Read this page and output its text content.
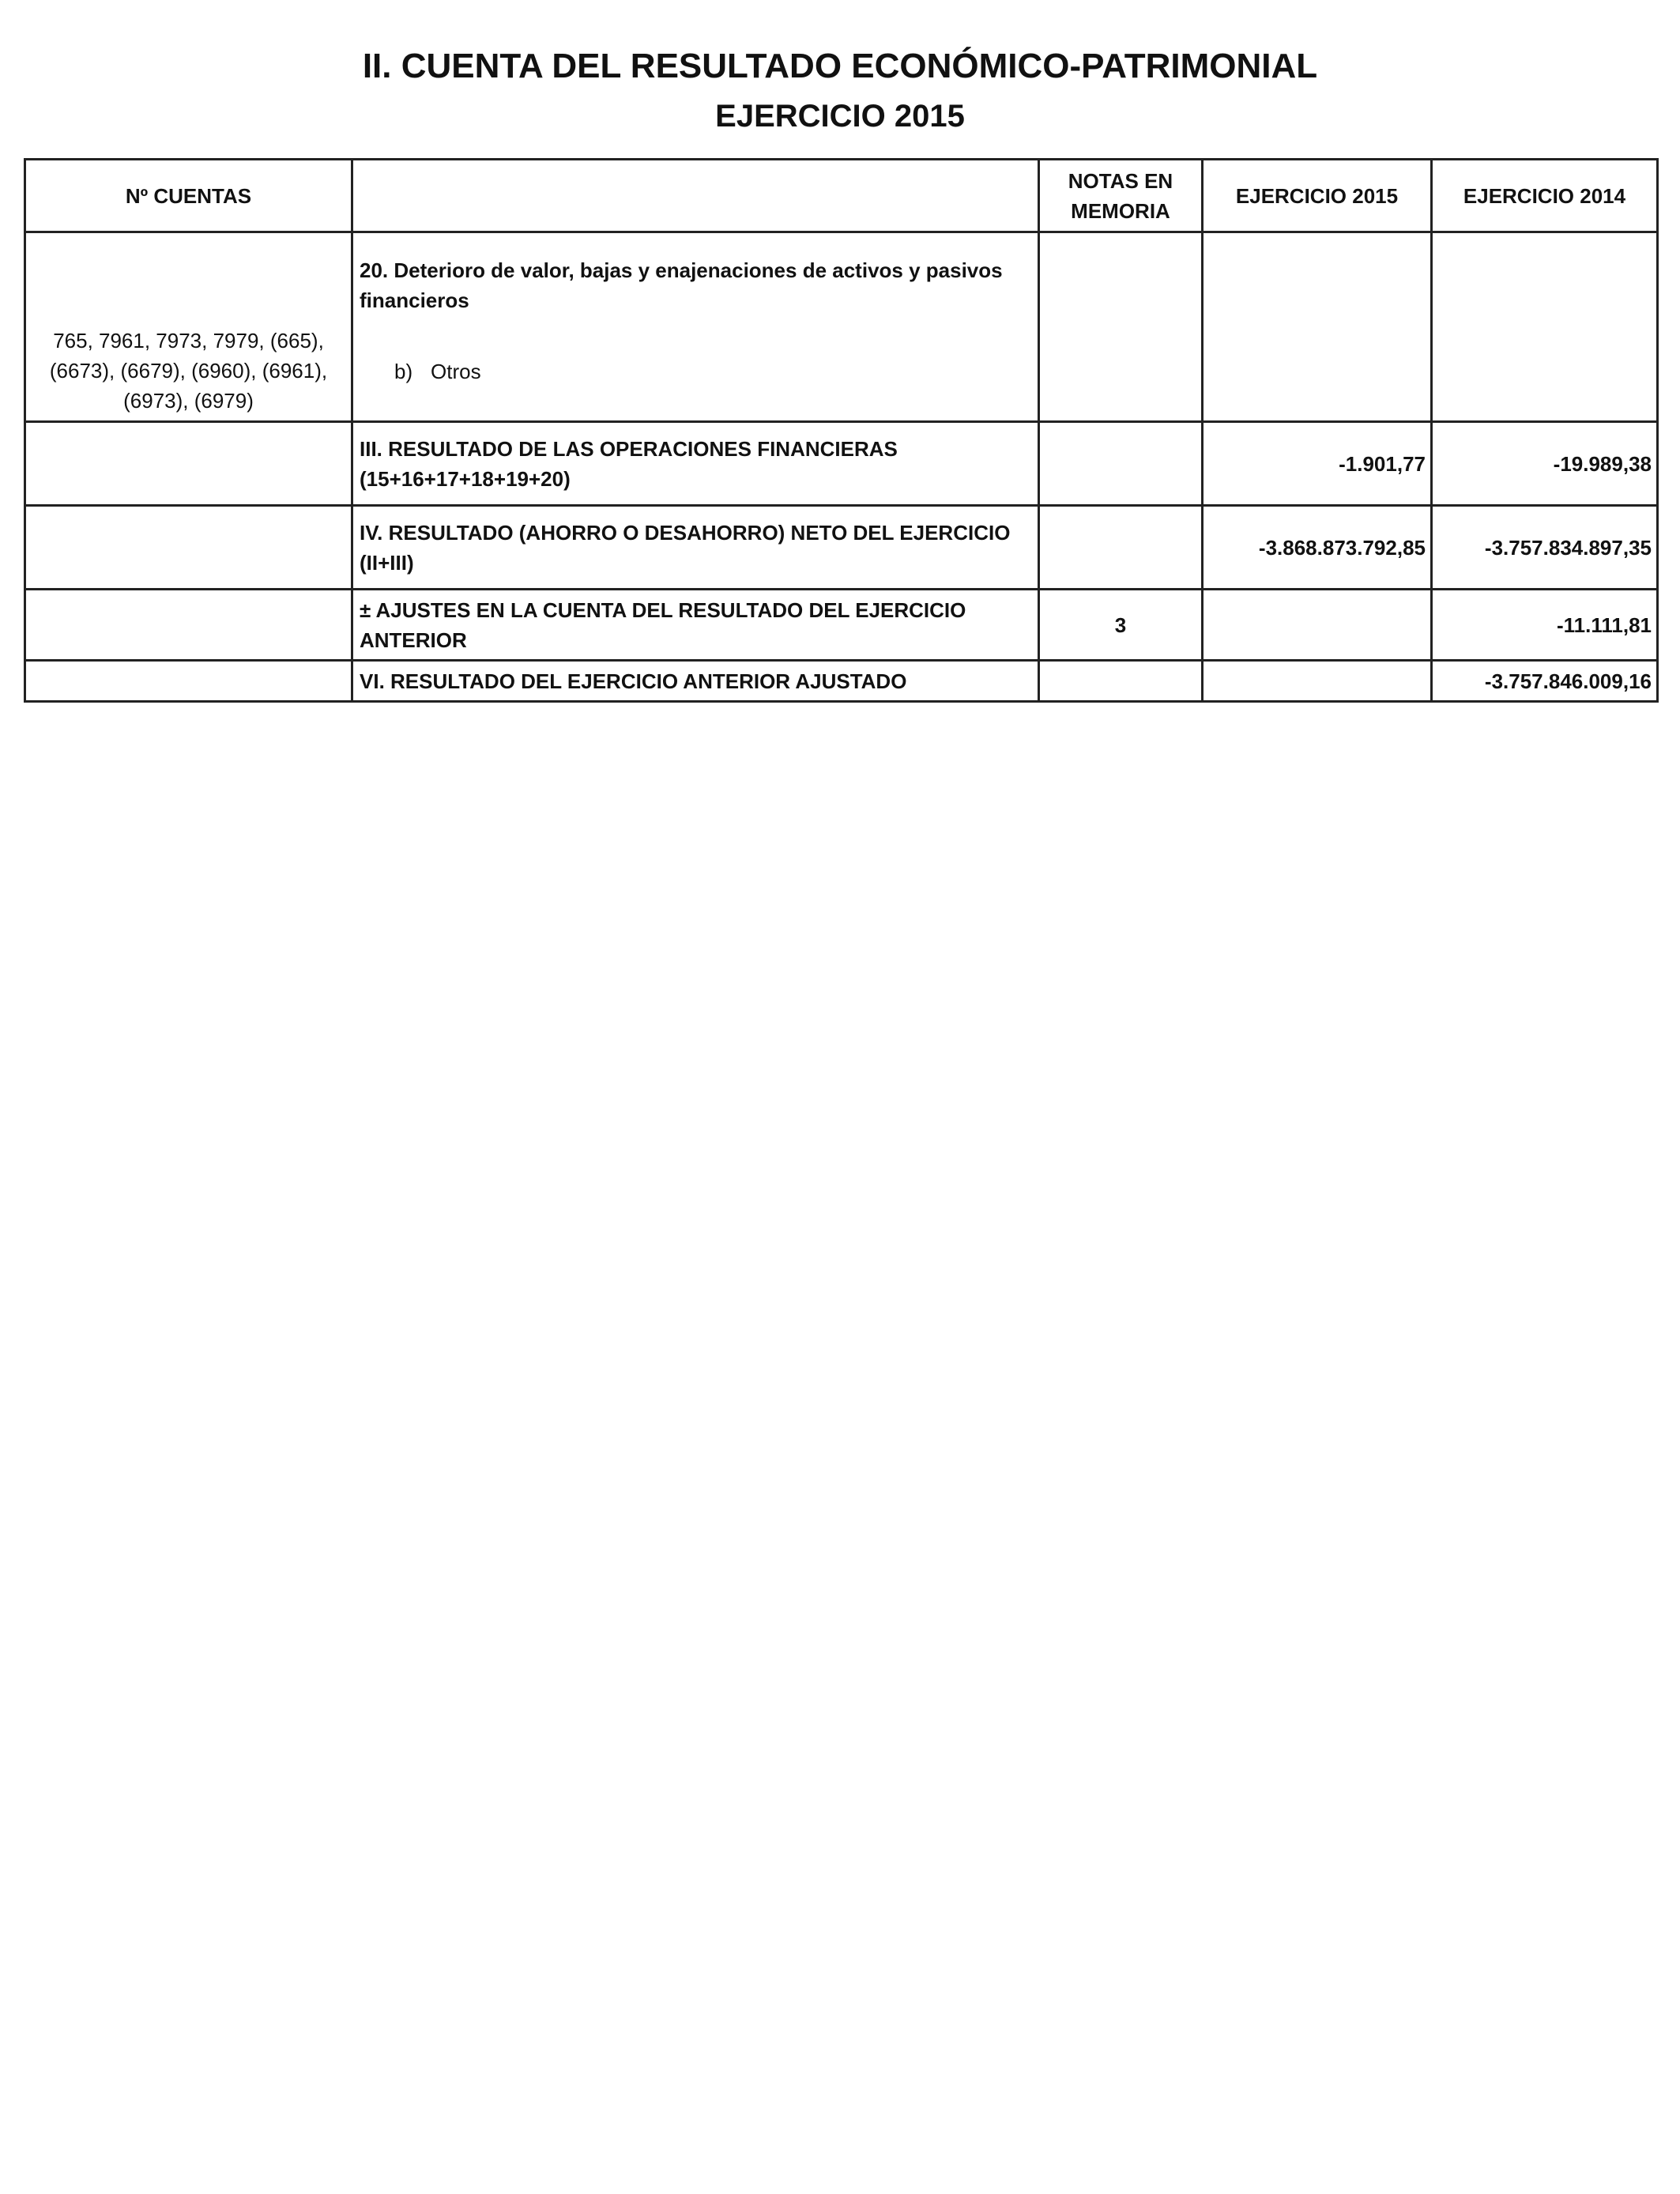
II. CUENTA DEL RESULTADO ECONÓMICO-PATRIMONIAL
EJERCICIO 2015
Nº CUENTAS		NOTAS EN MEMORIA	EJERCICIO 2015	EJERCICIO 2014
765, 7961, 7973, 7979, (665), (6673), (6679), (6960), (6961), (6973), (6979)	20. Deterioro de valor, bajas y enajenaciones de activos y pasivos financieros
b) Otros			

	III. RESULTADO DE LAS OPERACIONES FINANCIERAS (15+16+17+18+19+20)		-1.901,77	-19.989,38
	IV. RESULTADO (AHORRO O DESAHORRO) NETO DEL EJERCICIO (II+III)		-3.868.873.792,85	-3.757.834.897,35
	± AJUSTES EN LA CUENTA DEL RESULTADO DEL EJERCICIO ANTERIOR	3		-11.111,81
	VI. RESULTADO DEL EJERCICIO ANTERIOR AJUSTADO			-3.757.846.009,16
